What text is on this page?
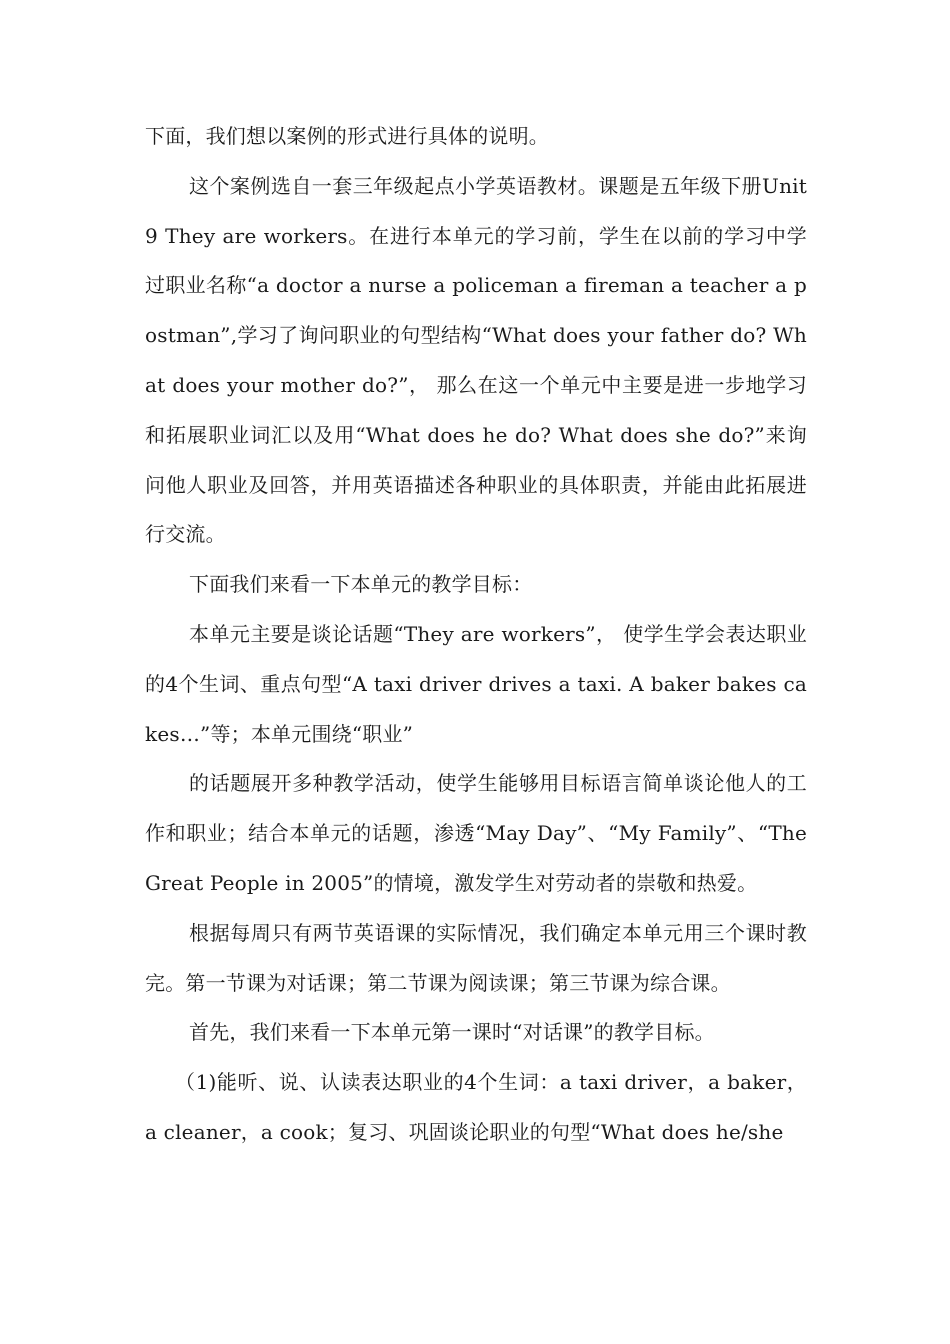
下面，我们想以案例的形式进行具体的说明。

这个案例选自一套三年级起点小学英语教材。课题是五年级下册Unit9 They are workers。在进行本单元的学习前，学生在以前的学习中学过职业名称“a doctor a nurse a policeman a fireman a teacher a postman”,学习了询问职业的句型结构“What does your father do? What does your mother do?”， 那么在这一个单元中主要是进一步地学习和拓展职业词汇以及用“What does he do? What does she do?”来询问他人职业及回答，并用英语描述各种职业的具体职责，并能由此拓展进行交流。

下面我们来看一下本单元的教学目标：

本单元主要是谈论话题“They are workers”， 使学生学会表达职业的4个生词、重点句型“A taxi driver drives a taxi. A baker bakes cakes…”等；本单元围绕“职业”

的话题展开多种教学活动，使学生能够用目标语言简单谈论他人的工作和职业；结合本单元的话题，渗透“May Day”、“My Family”、“The Great People in 2005”的情境，激发学生对劳动者的崇敬和热爱。

根据每周只有两节英语课的实际情况，我们确定本单元用三个课时教完。第一节课为对话课；第二节课为阅读课；第三节课为综合课。

首先，我们来看一下本单元第一课时“对话课”的教学目标。

（1)能听、说、认读表达职业的4个生词：a taxi driver，a baker，a cleaner，a cook；复习、巩固谈论职业的句型“What does he/she
